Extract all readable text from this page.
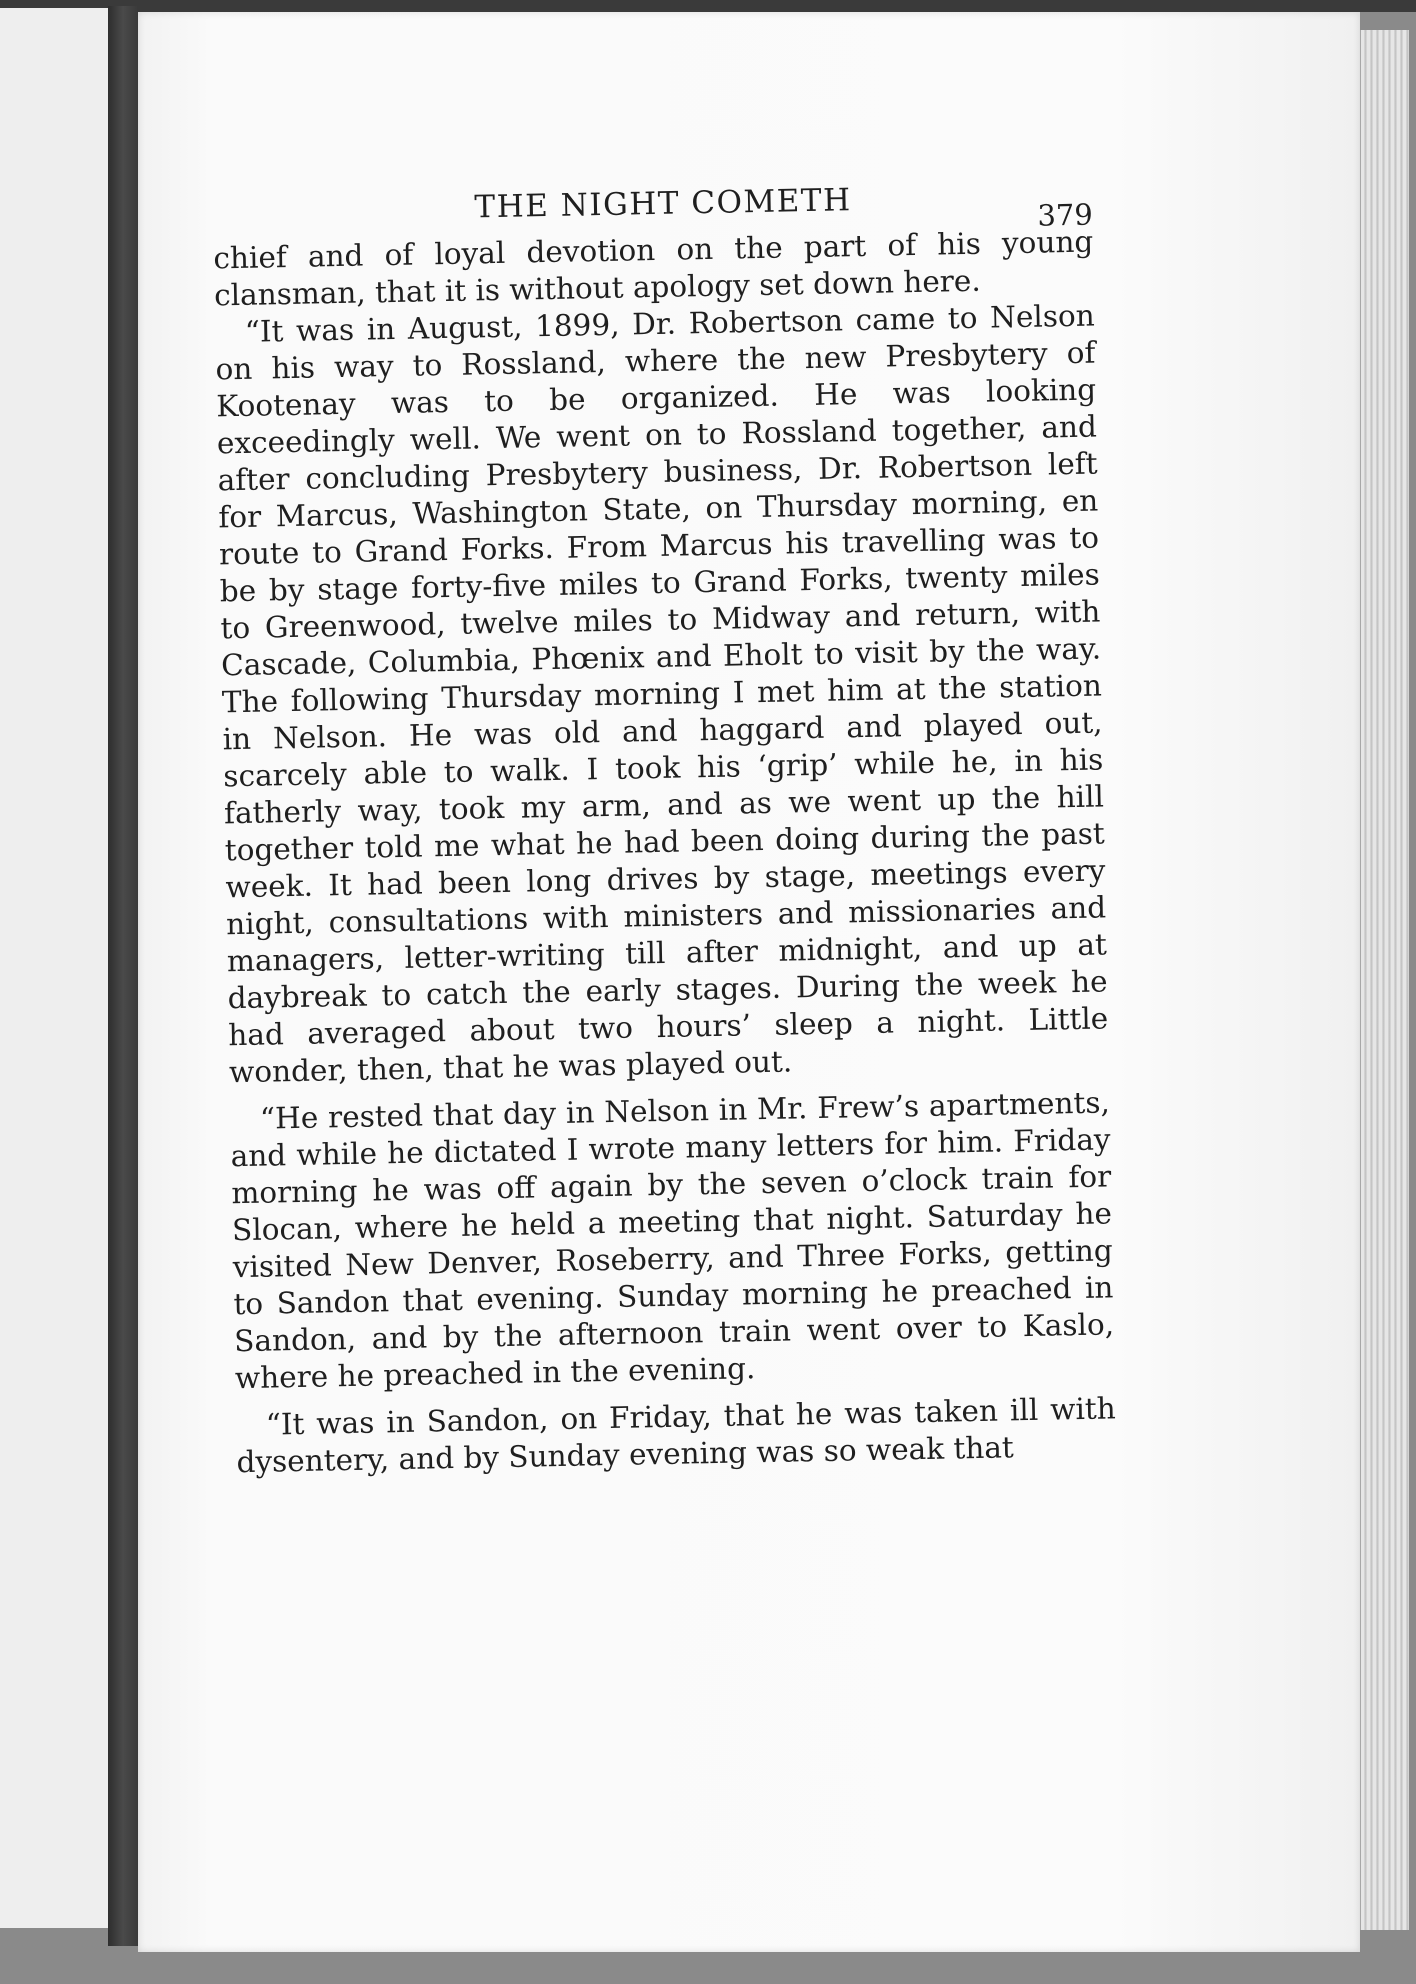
THE NIGHT COMETH	379

chief and of loyal devotion on the part of his young clansman, that it is without apology set down here.

“It was in August, 1899, Dr. Robertson came to Nelson on his way to Rossland, where the new Presbytery of Kootenay was to be organized. He was looking exceedingly well. We went on to Rossland together, and after concluding Presbytery business, Dr. Robertson left for Marcus, Washington State, on Thursday morning, en route to Grand Forks. From Marcus his travelling was to be by stage forty-five miles to Grand Forks, twenty miles to Greenwood, twelve miles to Midway and return, with Cascade, Columbia, Phœnix and Eholt to visit by the way. The following Thursday morning I met him at the station in Nelson. He was old and haggard and played out, scarcely able to walk. I took his ‘grip’ while he, in his fatherly way, took my arm, and as we went up the hill together told me what he had been doing during the past week. It had been long drives by stage, meetings every night, consultations with ministers and missionaries and managers, letter-writing till after midnight, and up at daybreak to catch the early stages. During the week he had averaged about two hours’ sleep a night. Little wonder, then, that he was played out.

“He rested that day in Nelson in Mr. Frew’s apartments, and while he dictated I wrote many letters for him. Friday morning he was off again by the seven o’clock train for Slocan, where he held a meeting that night. Saturday he visited New Denver, Roseberry, and Three Forks, getting to Sandon that evening. Sunday morning he preached in Sandon, and by the afternoon train went over to Kaslo, where he preached in the evening.

“It was in Sandon, on Friday, that he was taken ill with dysentery, and by Sunday evening was so weak that
